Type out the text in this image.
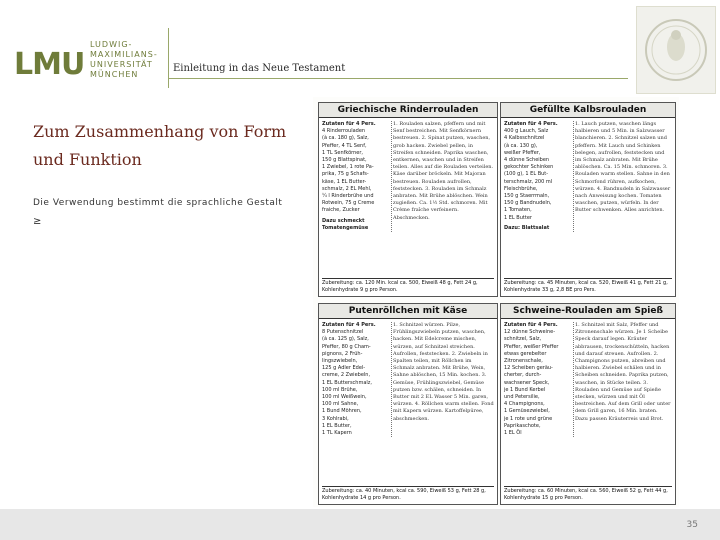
LMU
LUDWIG-
MAXIMILIANS-
UNIVERSITÄT
MÜNCHEN
Einleitung in das Neue Testament
Zum Zusammenhang von Form und Funktion
Die Verwendung bestimmt die sprachliche Gestalt
≥
Griechische Rinderrouladen
Zutaten für 4 Pers.
4 Rinderrouladen
(à ca. 180 g), Salz,
Pfeffer, 4 TL Senf,
1 TL Senfkörner,
150 g Blattspinat,
1 Zwiebel, 1 rote Pa-
prika, 75 g Schafs-
käse, 1 EL Butter-
schmalz, 2 EL Mehl,
¼ l Rinderbrühe und
Rotwein, 75 g Creme
fraiche, Zucker
Dazu schmeckt
Tomatengemüse
1. Rouladen salzen, pfeffern und mit Senf bestreichen. Mit Senfkörnern bestreuen. 2. Spinat putzen, waschen, grob hacken. Zwiebel pellen, in Streifen schneiden. Paprika waschen, entkernen, waschen und in Streifen teilen. Alles auf die Rouladen verteilen. Käse darüber bröckeln. Mit Majoran bestreuen. Rouladen aufrollen, feststecken. 3. Rouladen im Schmalz anbraten. Mit Brühe ablöschen. Wein zugießen. Ca. 1½ Std. schmoren. Mit Crème fraîche verfeinern. Abschmecken.
Zubereitung: ca. 120 Min. kcal ca. 500, Eiweiß 48 g, Fett 24 g, Kohlenhydrate 9 g pro Person.
Gefüllte Kalbsrouladen
Zutaten für 4 Pers.
400 g Lauch, Salz
4 Kalbsschnitzel
(à ca. 130 g),
weißer Pfeffer,
4 dünne Scheiben
gekochter Schinken
(100 g), 1 EL But-
terschmalz, 200 ml
Fleischbrühe,
150 g Staerrmaln,
150 g Bandnudeln,
1 Tomaten,
1 EL Butter
Dazu: Blattsalat
1. Lauch putzen, waschen längs halbieren und 5 Min. in Salzwasser blanchieren. 2. Schnitzel salzen und pfeffern. Mit Lauch und Schinken belegen, aufrollen, feststecken und im Schmalz anbraten. Mit Brühe ablöschen. Ca. 15 Min. schmoren. 3. Rouladen warm stellen. Sahne in den Schmorfond rühren, aufkochen, würzen. 4. Bandnudeln in Salzwasser nach Anweisung kochen. Tomaten waschen, putzen, würfeln. In der Butter schwenken. Alles anrichten.
Zubereitung: ca. 45 Minuten, kcal ca. 520, Eiweiß 41 g, Fett 21 g, Kohlenhydrate 33 g, 2,8 BE pro Pers.
Putenröllchen mit Käse
Zutaten für 4 Pers.
8 Putenschnitzel
(à ca. 125 g), Salz,
Pfeffer, 80 g Cham-
pignons, 2 Früh-
lingszwiebeln,
125 g Adler Edel-
creme, 2 Zwiebeln,
1 EL Butterschmalz,
100 ml Brühe,
100 ml Weißwein,
100 ml Sahne,
1 Bund Möhren,
3 Kohlrabi,
1 EL Butter,
1 TL Kapern
1. Schnitzel würzen. Pilze, Frühlingszwiebeln putzen, waschen, hacken. Mit Edelcreme mischen, würzen, auf Schnitzel streichen. Aufrollen, feststecken. 2. Zwiebeln in Spalten teilen, mit Röllchen im Schmalz anbraten. Mit Brühe, Wein, Sahne ablöschen, 15 Min. kochen. 3. Gemüse, Frühlingszwiebel, Gemüse putzen bzw. schälen, schneiden. In Butter mit 2 EL Wasser 5 Min. garen, würzen. 4. Röllchen warm stellen. Fond mit Kapern würzen. Kartoffelpüree, abschmecken.
Zubereitung: ca. 40 Minuten, kcal ca. 590, Eiweiß 53 g, Fett 28 g, Kohlenhydrate 14 g pro Person.
Schweine-Rouladen am Spieß
Zutaten für 4 Pers.
12 dünne Schweine-
schnitzel, Salz,
Pfeffer, weißer Pfeffer
etwas gerebelter
Zitronenschale,
12 Scheiben geräu-
cherter, durch-
wachsener Speck,
je 1 Bund Kerbel
und Petersilie,
4 Champignons,
1 Gemüsezwiebel,
je 1 rote und grüne
Paprikaschote,
1 EL Öl
1. Schnitzel mit Salz, Pfeffer und Zitronenschale würzen. Je 1 Scheibe Speck darauf legen. Kräuter abbrausen, trockenschütteln, hacken und darauf streuen. Aufrollen. 2. Champignons putzen, abreiben und halbieren. Zwiebel schälen und in Scheiben schneiden. Paprika putzen, waschen, in Stücke teilen. 3. Rouladen und Gemüse auf Spieße stecken, würzen und mit Öl bestreichen. Auf dem Grill oder unter dem Grill garen, 16 Min. braten. Dazu passen Kräuterreis und Brot.
Zubereitung: ca. 60 Minuten, kcal ca. 560, Eiweiß 52 g, Fett 44 g, Kohlenhydrate 15 g pro Person.
35
